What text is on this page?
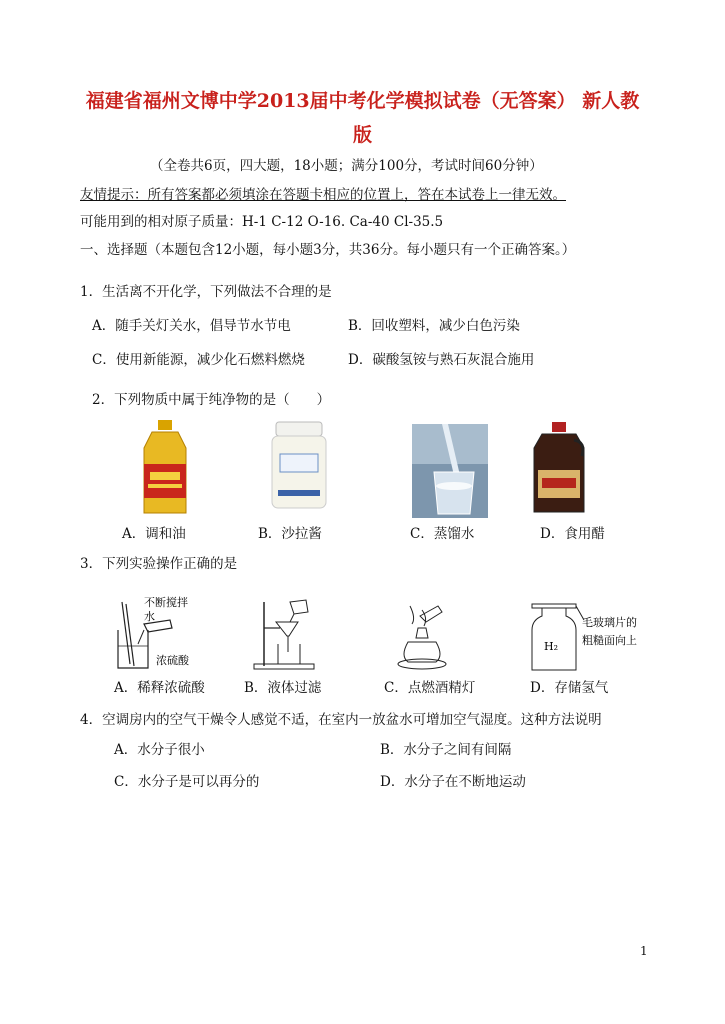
福建省福州文博中学2013届中考化学模拟试卷（无答案） 新人教
版
（全卷共6页，四大题，18小题；满分100分，考试时间60分钟）
友情提示：所有答案都必须填涂在答题卡相应的位置上，答在本试卷上一律无效。
可能用到的相对原子质量：H-1 C-12 O-16. Ca-40 Cl-35.5
一、选择题（本题包含12小题，每小题3分，共36分。每小题只有一个正确答案。）
1．生活离不开化学，下列做法不合理的是
A．随手关灯关水，倡导节水节电	B．回收塑料，减少白色污染
C．使用新能源，减少化石燃料燃烧	D．碳酸氢铵与熟石灰混合施用
2．下列物质中属于纯净物的是（　　）
A．调和油	B．沙拉酱	C．蒸馏水	D．食用醋
3．下列实验操作正确的是
不断搅拌
水
浓硫酸
H₂
毛玻璃片的
粗糙面向上
A．稀释浓硫酸	B．液体过滤	C．点燃酒精灯	D．存储氢气
4．空调房内的空气干燥令人感觉不适，在室内一放盆水可增加空气湿度。这种方法说明
A．水分子很小	B．水分子之间有间隔
C．水分子是可以再分的	D．水分子在不断地运动
1
